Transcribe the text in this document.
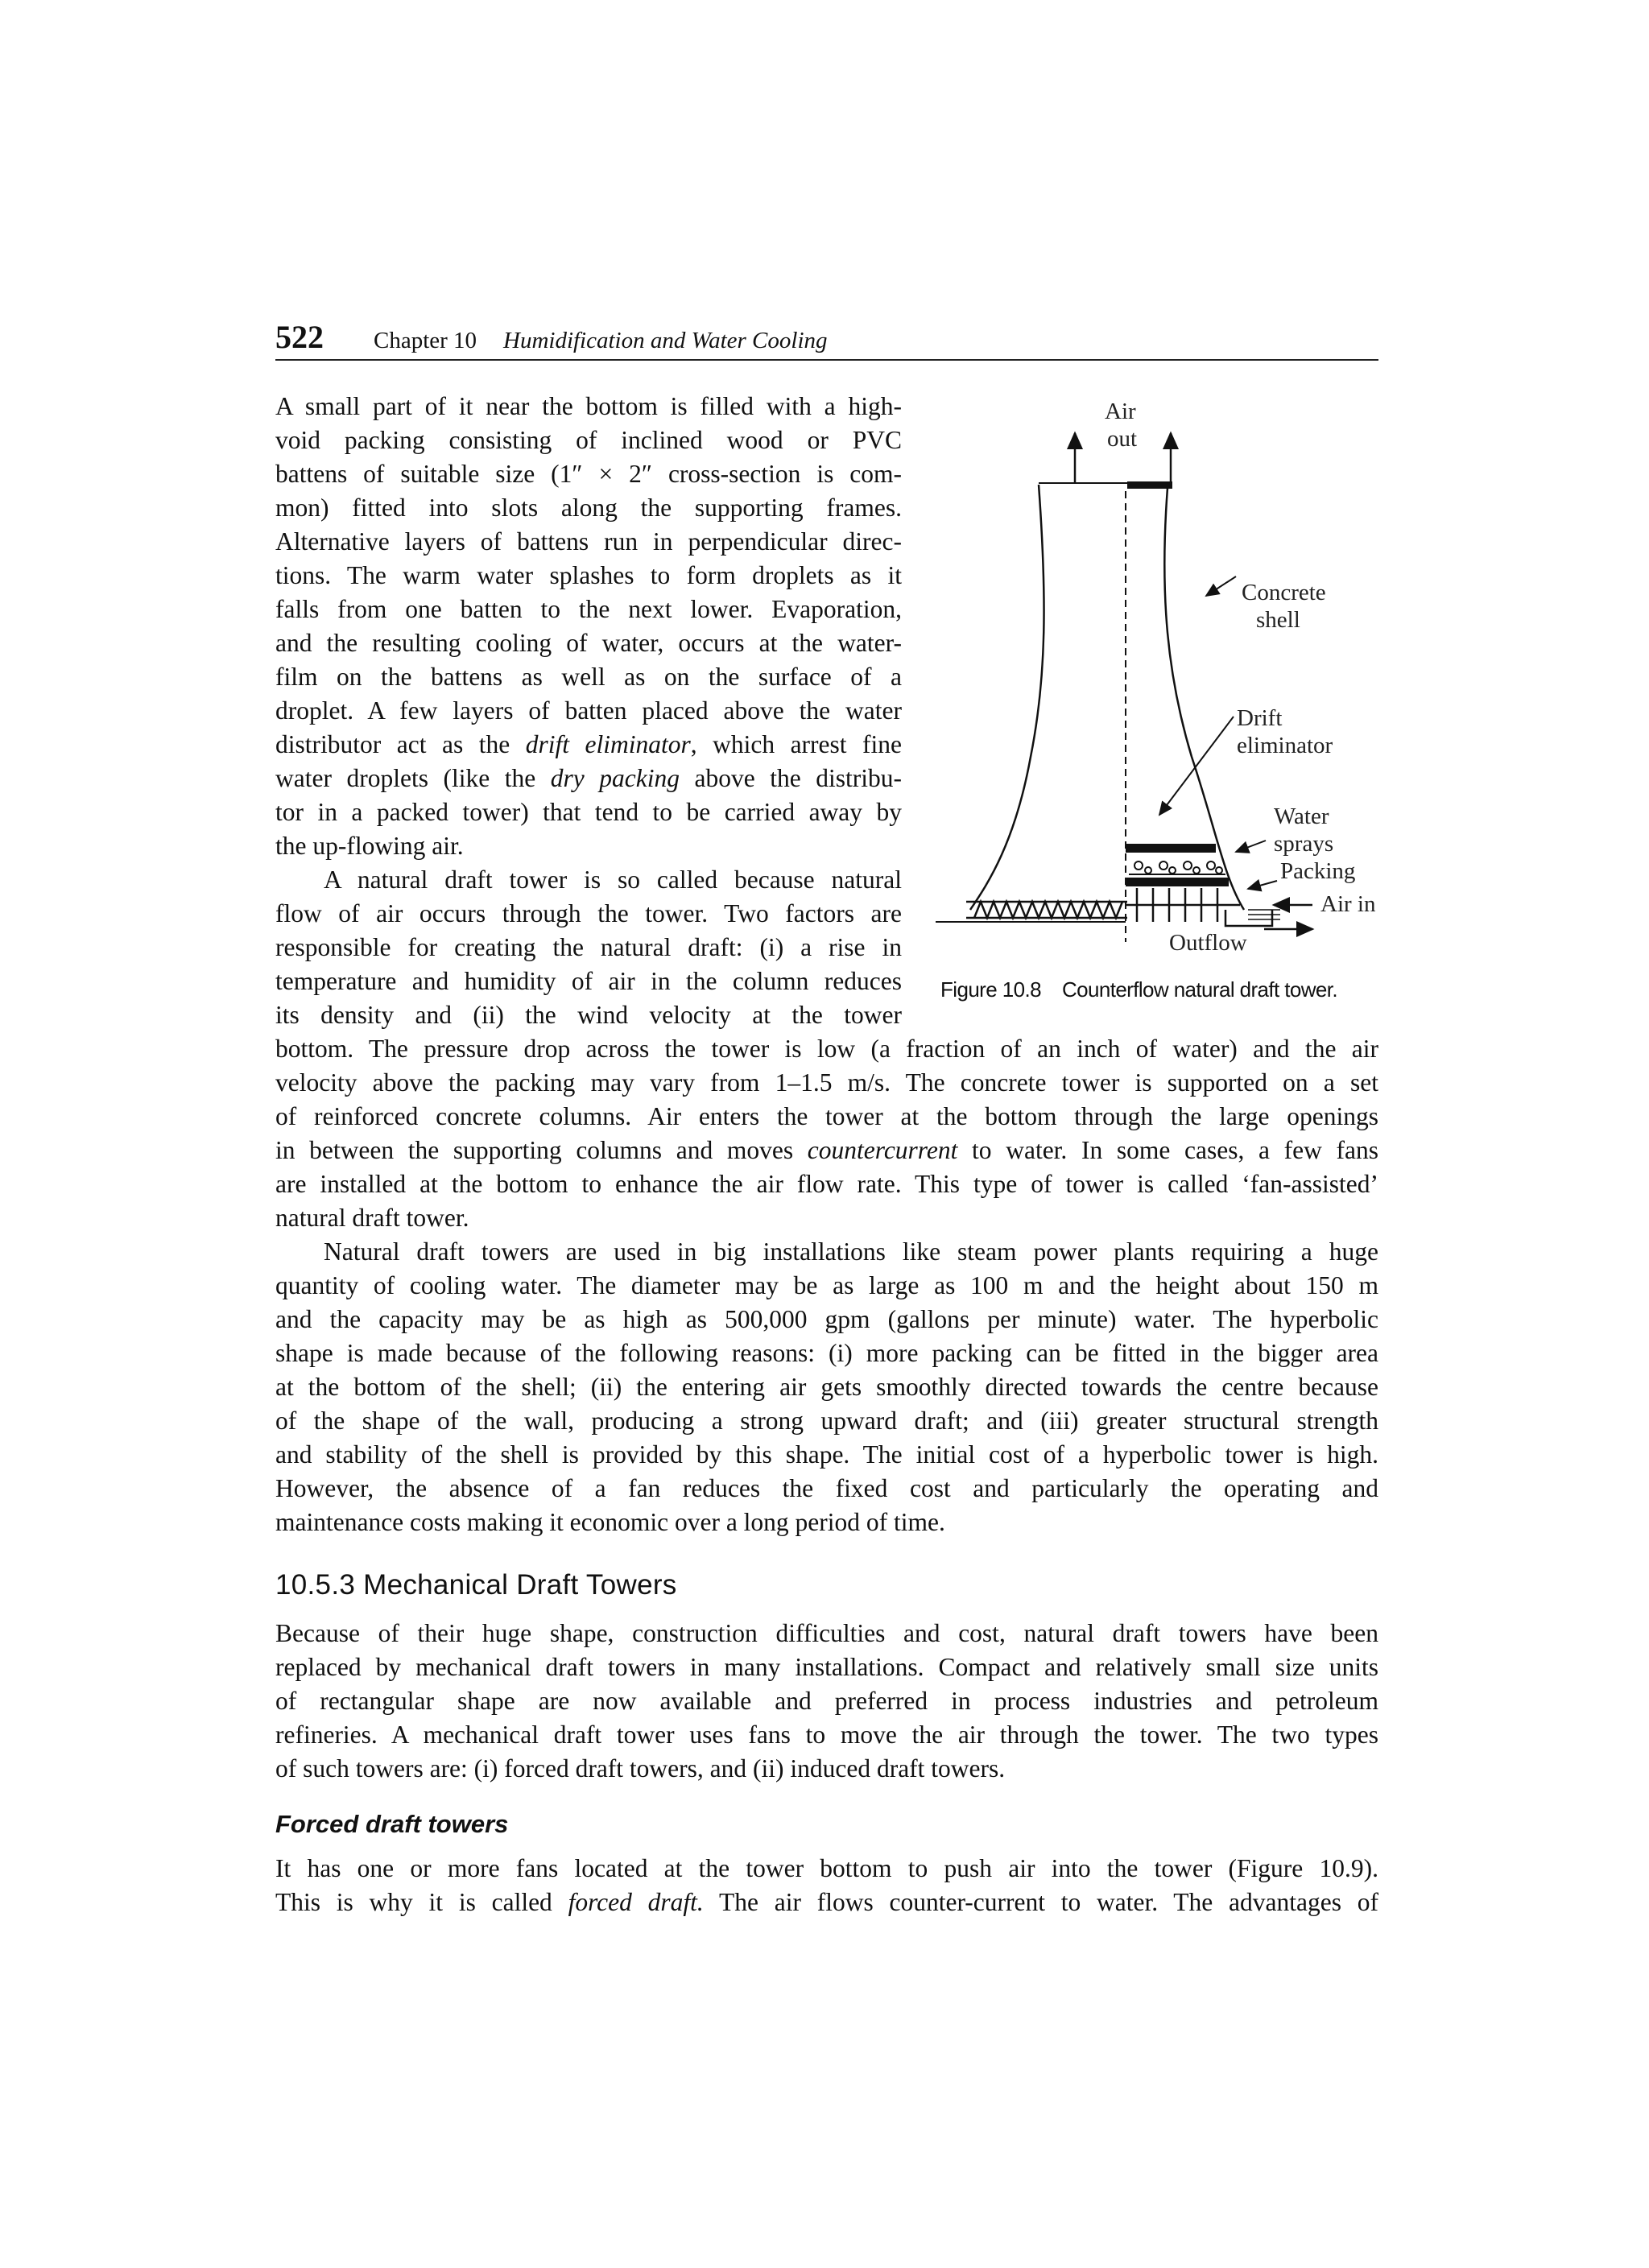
522 Chapter 10 Humidification and Water Cooling
A small part of it near the bottom is filled with a high-
void packing consisting of inclined wood or PVC
battens of suitable size (1″ × 2″ cross-section is com-
mon) fitted into slots along the supporting frames.
Alternative layers of battens run in perpendicular direc-
tions. The warm water splashes to form droplets as it
falls from one batten to the next lower. Evaporation,
and the resulting cooling of water, occurs at the water-
film on the battens as well as on the surface of a
droplet. A few layers of batten placed above the water
distributor act as the drift eliminator, which arrest fine
water droplets (like the dry packing above the distribu-
tor in a packed tower) that tend to be carried away by
the up-flowing air.
A natural draft tower is so called because natural
flow of air occurs through the tower. Two factors are
responsible for creating the natural draft: (i) a rise in
temperature and humidity of air in the column reduces
its density and (ii) the wind velocity at the tower
bottom. The pressure drop across the tower is low (a fraction of an inch of water) and the air
velocity above the packing may vary from 1–1.5 m/s. The concrete tower is supported on a set
of reinforced concrete columns. Air enters the tower at the bottom through the large openings
in between the supporting columns and moves countercurrent to water. In some cases, a few fans
are installed at the bottom to enhance the air flow rate. This type of tower is called ‘fan-assisted’
natural draft tower.
Natural draft towers are used in big installations like steam power plants requiring a huge
quantity of cooling water. The diameter may be as large as 100 m and the height about 150 m
and the capacity may be as high as 500,000 gpm (gallons per minute) water. The hyperbolic
shape is made because of the following reasons: (i) more packing can be fitted in the bigger area
at the bottom of the shell; (ii) the entering air gets smoothly directed towards the centre because
of the shape of the wall, producing a strong upward draft; and (iii) greater structural strength
and stability of the shell is provided by this shape. The initial cost of a hyperbolic tower is high.
However, the absence of a fan reduces the fixed cost and particularly the operating and
maintenance costs making it economic over a long period of time.
10.5.3 Mechanical Draft Towers
Because of their huge shape, construction difficulties and cost, natural draft towers have been
replaced by mechanical draft towers in many installations. Compact and relatively small size units
of rectangular shape are now available and preferred in process industries and petroleum
refineries. A mechanical draft tower uses fans to move the air through the tower. The two types
of such towers are: (i) forced draft towers, and (ii) induced draft towers.
Forced draft towers
It has one or more fans located at the tower bottom to push air into the tower (Figure 10.9).
This is why it is called forced draft. The air flows counter-current to water. The advantages of
Air
out
Concrete
shell
Drift
eliminator
Water
sprays
Packing
Air in
Outflow
Figure 10.8 Counterflow natural draft tower.
